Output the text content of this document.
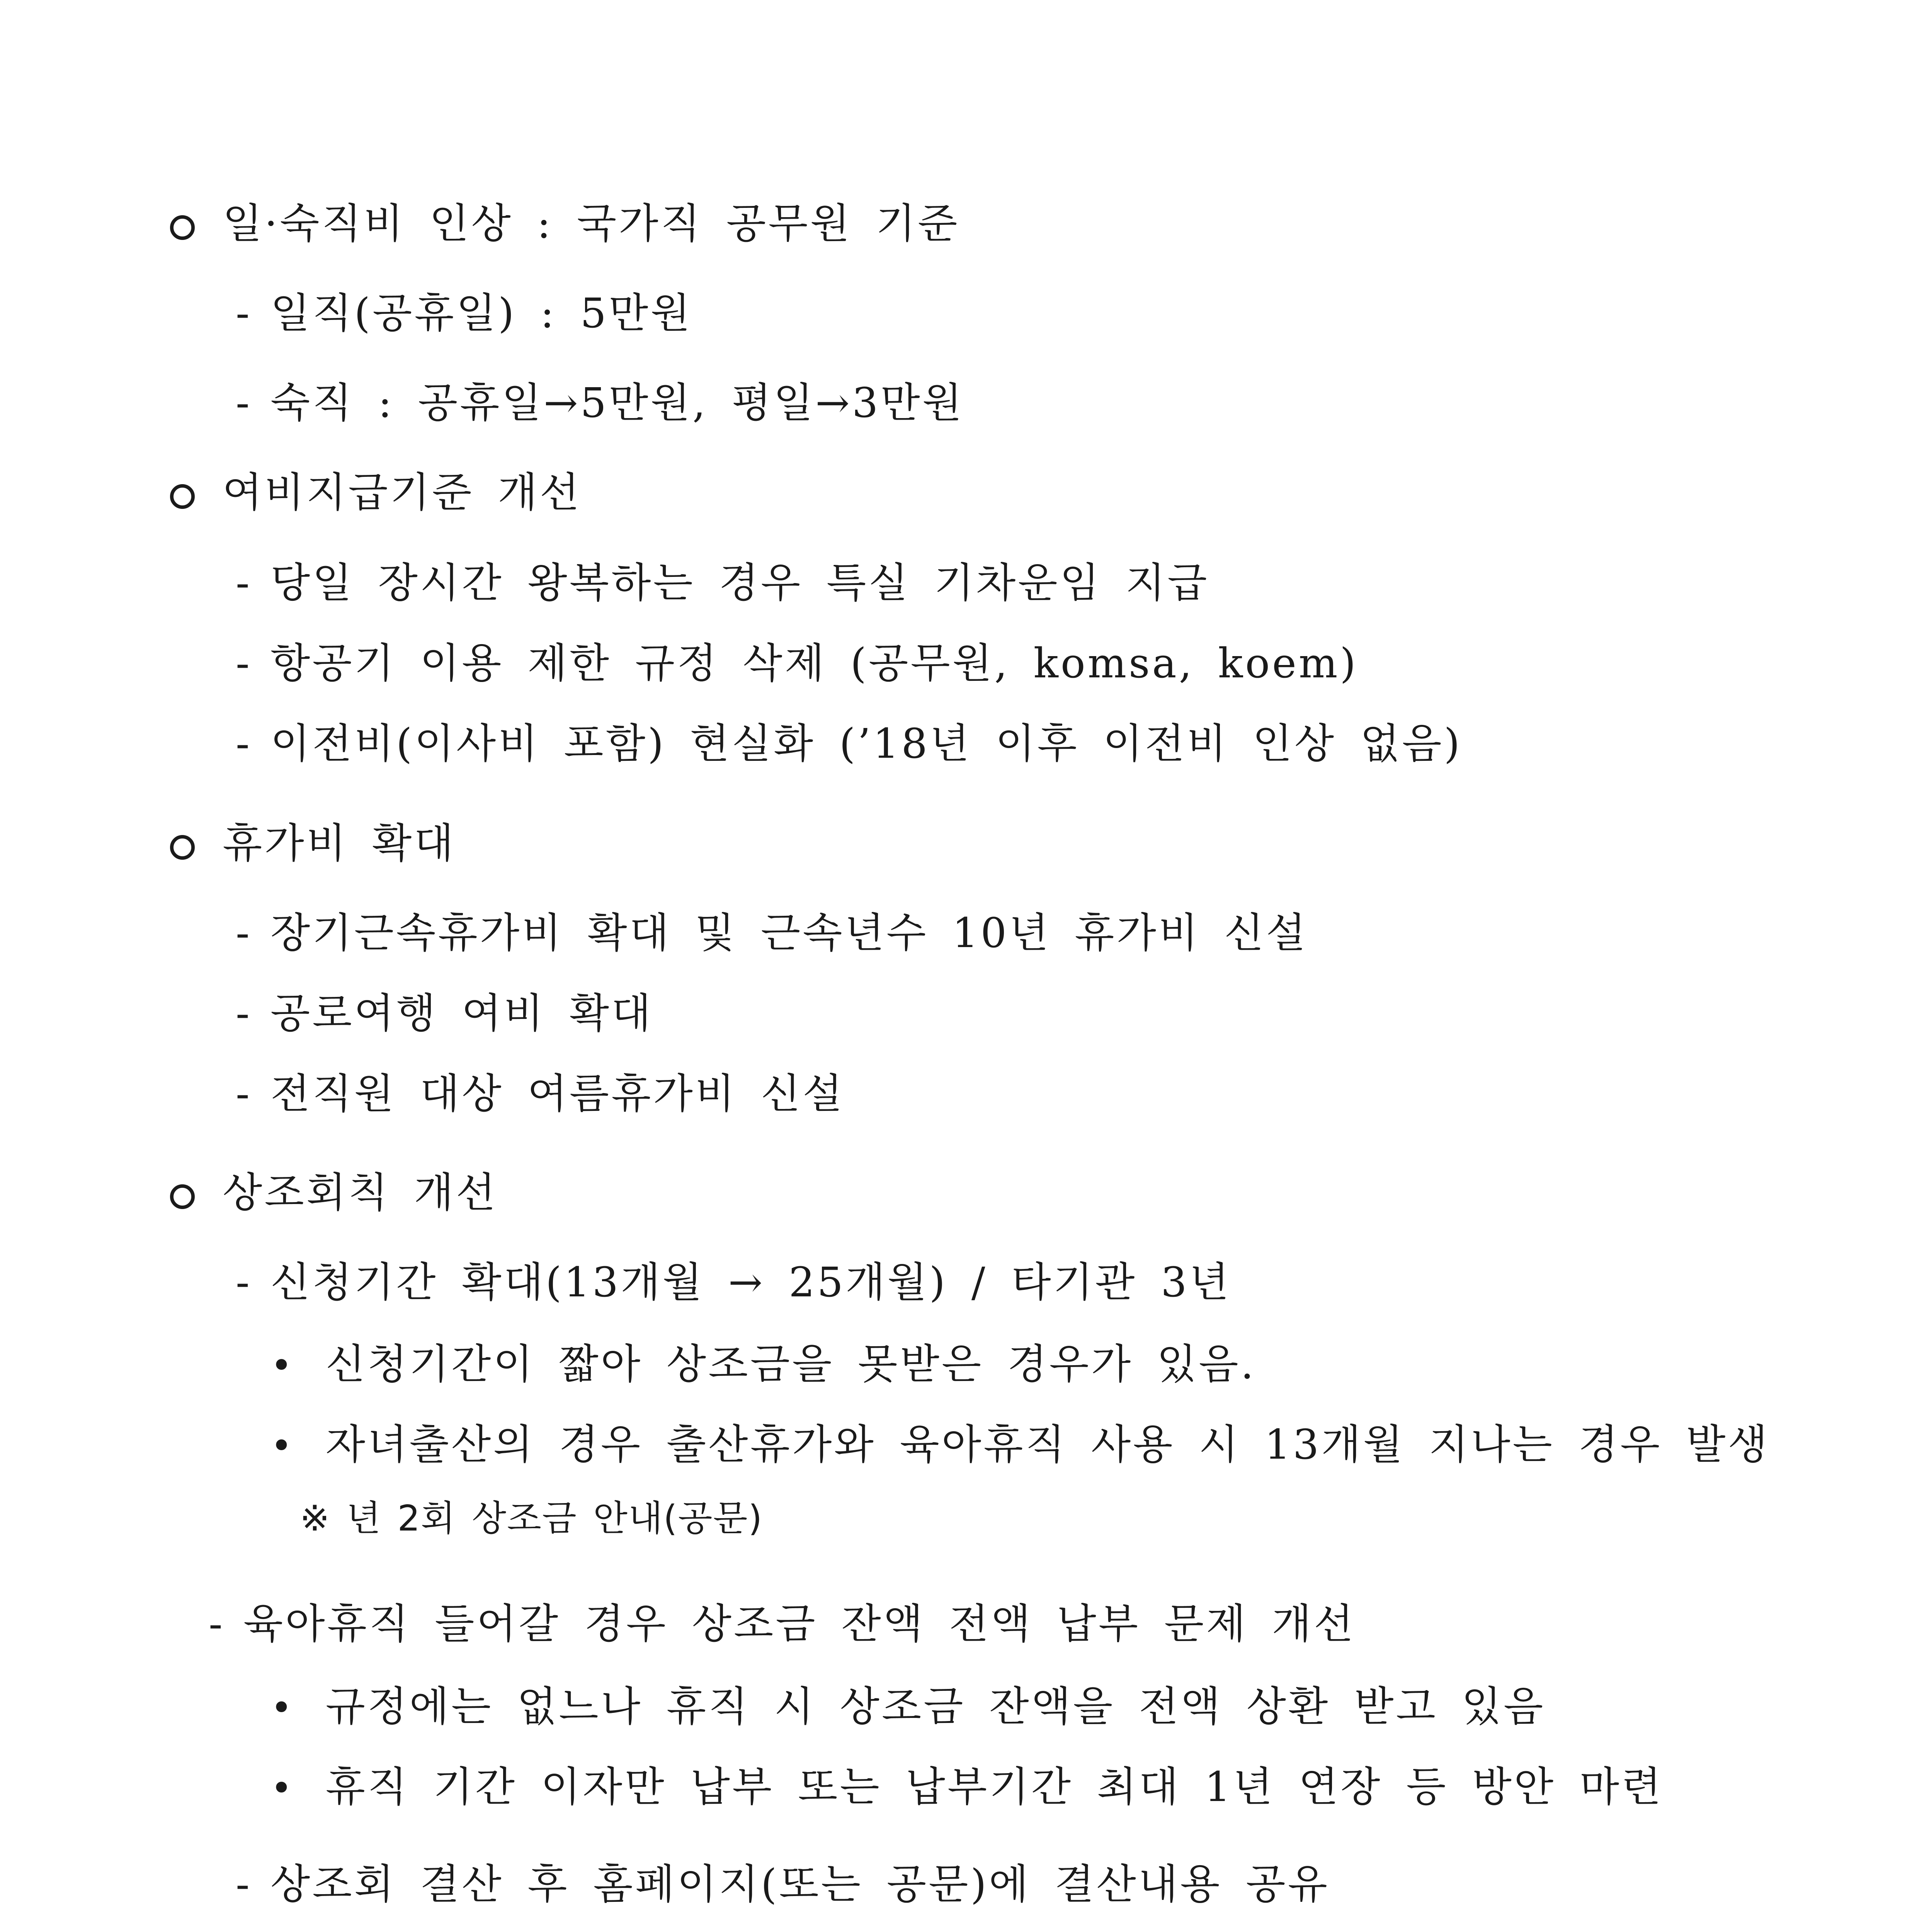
일·숙직비 인상 : 국가직 공무원 기준
- 일직(공휴일) : 5만원
- 숙직 : 공휴일→5만원, 평일→3만원
여비지급기준 개선
- 당일 장시간 왕복하는 경우 특실 기차운임 지급
- 항공기 이용 제한 규정 삭제 (공무원, komsa, koem)
- 이전비(이사비 포함) 현실화 (’18년 이후 이전비 인상 없음)
휴가비 확대
- 장기근속휴가비 확대 및 근속년수 10년 휴가비 신설
- 공로여행 여비 확대
- 전직원 대상 여름휴가비 신설
상조회칙 개선
- 신청기간 확대(13개월 → 25개월) / 타기관 3년
• 신청기간이 짧아 상조금을 못받은 경우가 있음.
• 자녀출산의 경우 출산휴가와 육아휴직 사용 시 13개월 지나는 경우 발생
※ 년 2회 상조금 안내(공문)
- 육아휴직 들어갈 경우 상조금 잔액 전액 납부 문제 개선
• 규정에는 없느나 휴직 시 상조금 잔액을 전액 상환 받고 있음
• 휴직 기간 이자만 납부 또는 납부기간 최대 1년 연장 등 방안 마련
- 상조회 결산 후 홈페이지(또는 공문)에 결산내용 공유
